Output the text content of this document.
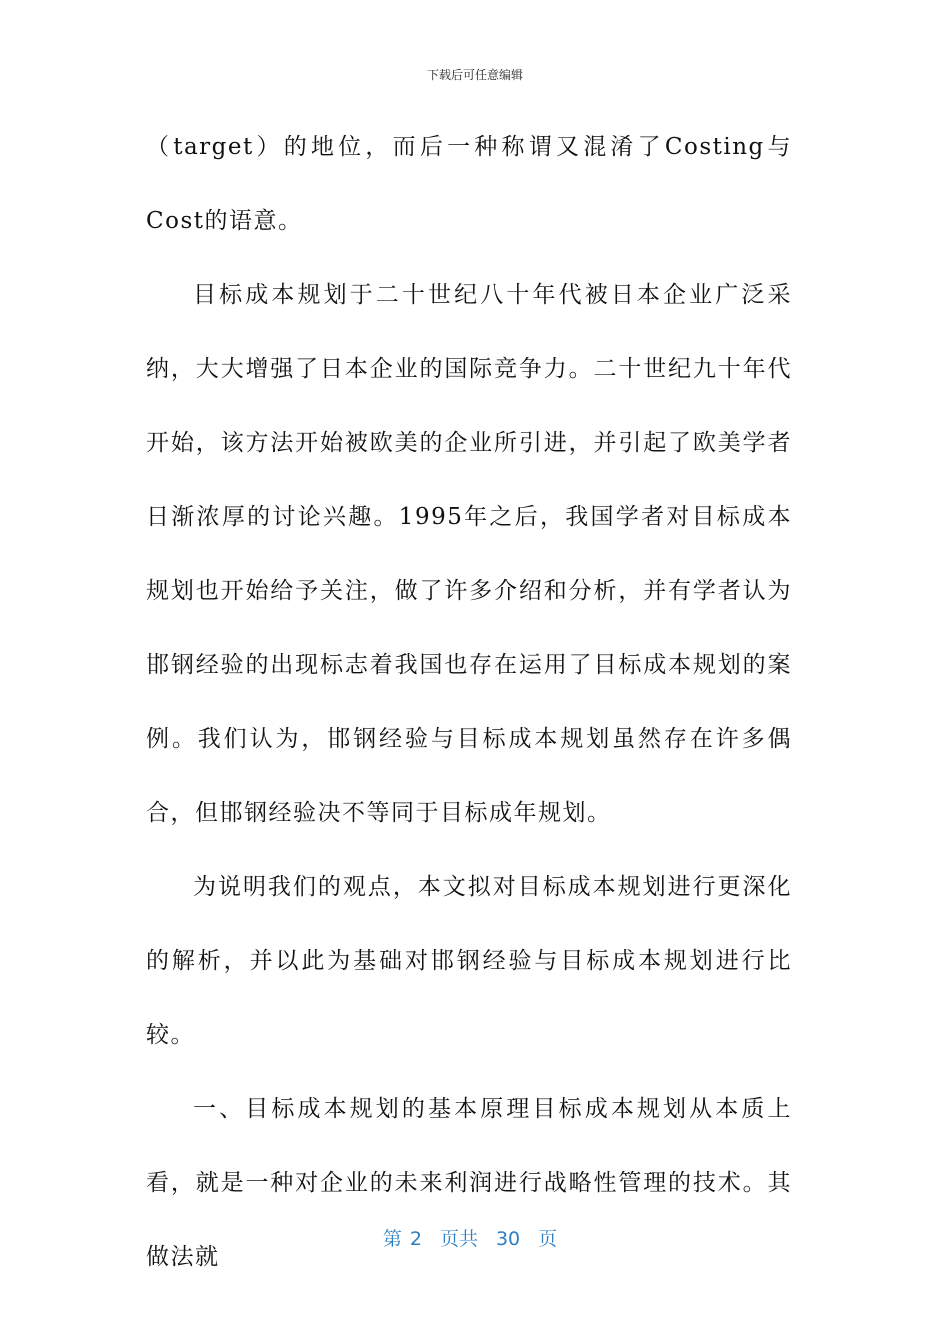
下载后可任意编辑

（target）的地位，而后一种称谓又混淆了Costing与Cost的语意。

目标成本规划于二十世纪八十年代被日本企业广泛采纳，大大增强了日本企业的国际竞争力。二十世纪九十年代开始，该方法开始被欧美的企业所引进，并引起了欧美学者日渐浓厚的讨论兴趣。1995年之后，我国学者对目标成本规划也开始给予关注，做了许多介绍和分析，并有学者认为邯钢经验的出现标志着我国也存在运用了目标成本规划的案例。我们认为，邯钢经验与目标成本规划虽然存在许多偶合，但邯钢经验决不等同于目标成年规划。

为说明我们的观点，本文拟对目标成本规划进行更深化的解析，并以此为基础对邯钢经验与目标成本规划进行比较。

一、目标成本规划的基本原理目标成本规划从本质上看，就是一种对企业的未来利润进行战略性管理的技术。其做法就

第 2 页共 30 页
